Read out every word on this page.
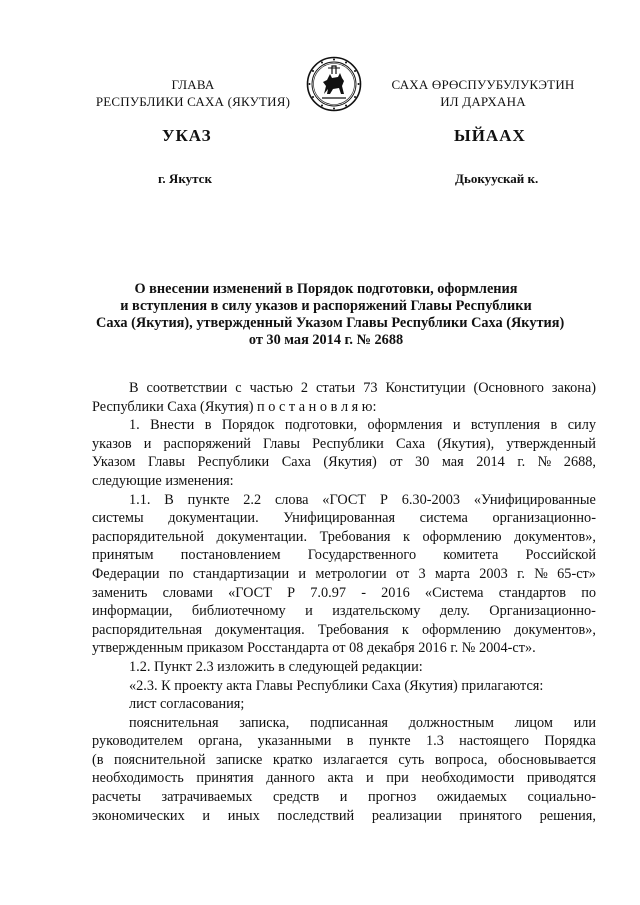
ГЛАВА
РЕСПУБЛИКИ САХА (ЯКУТИЯ)
САХА ӨРӨСПУУБУЛУКЭТИН
ИЛ ДАРХАНА
УКАЗ	ЫЙААХ
г. Якутск	Дьокуускай к.
О внесении изменений в Порядок подготовки, оформления
и вступления в силу указов и распоряжений Главы Республики
Саха (Якутия), утвержденный Указом Главы Республики Саха (Якутия)
от 30 мая 2014 г. № 2688
В соответствии с частью 2 статьи 73 Конституции (Основного закона)
Республики Саха (Якутия) п о с т а н о в л я ю:
1. Внести в Порядок подготовки, оформления и вступления в силу
указов и распоряжений Главы Республики Саха (Якутия), утвержденный
Указом Главы Республики Саха (Якутия) от 30 мая 2014 г. № 2688,
следующие изменения:
1.1. В пункте 2.2 слова «ГОСТ Р 6.30-2003 «Унифицированные
системы документации. Унифицированная система организационно-
распорядительной документации. Требования к оформлению документов»,
принятым постановлением Государственного комитета Российской
Федерации по стандартизации и метрологии от 3 марта 2003 г. № 65-ст»
заменить словами «ГОСТ Р 7.0.97 - 2016 «Система стандартов по
информации, библиотечному и издательскому делу. Организационно-
распорядительная документация. Требования к оформлению документов»,
утвержденным приказом Росстандарта от 08 декабря 2016 г. № 2004-ст».
1.2. Пункт 2.3 изложить в следующей редакции:
«2.3. К проекту акта Главы Республики Саха (Якутия) прилагаются:
лист согласования;
пояснительная записка, подписанная должностным лицом или
руководителем органа, указанными в пункте 1.3 настоящего Порядка
(в пояснительной записке кратко излагается суть вопроса, обосновывается
необходимость принятия данного акта и при необходимости приводятся
расчеты затрачиваемых средств и прогноз ожидаемых социально-
экономических и иных последствий реализации принятого решения,
